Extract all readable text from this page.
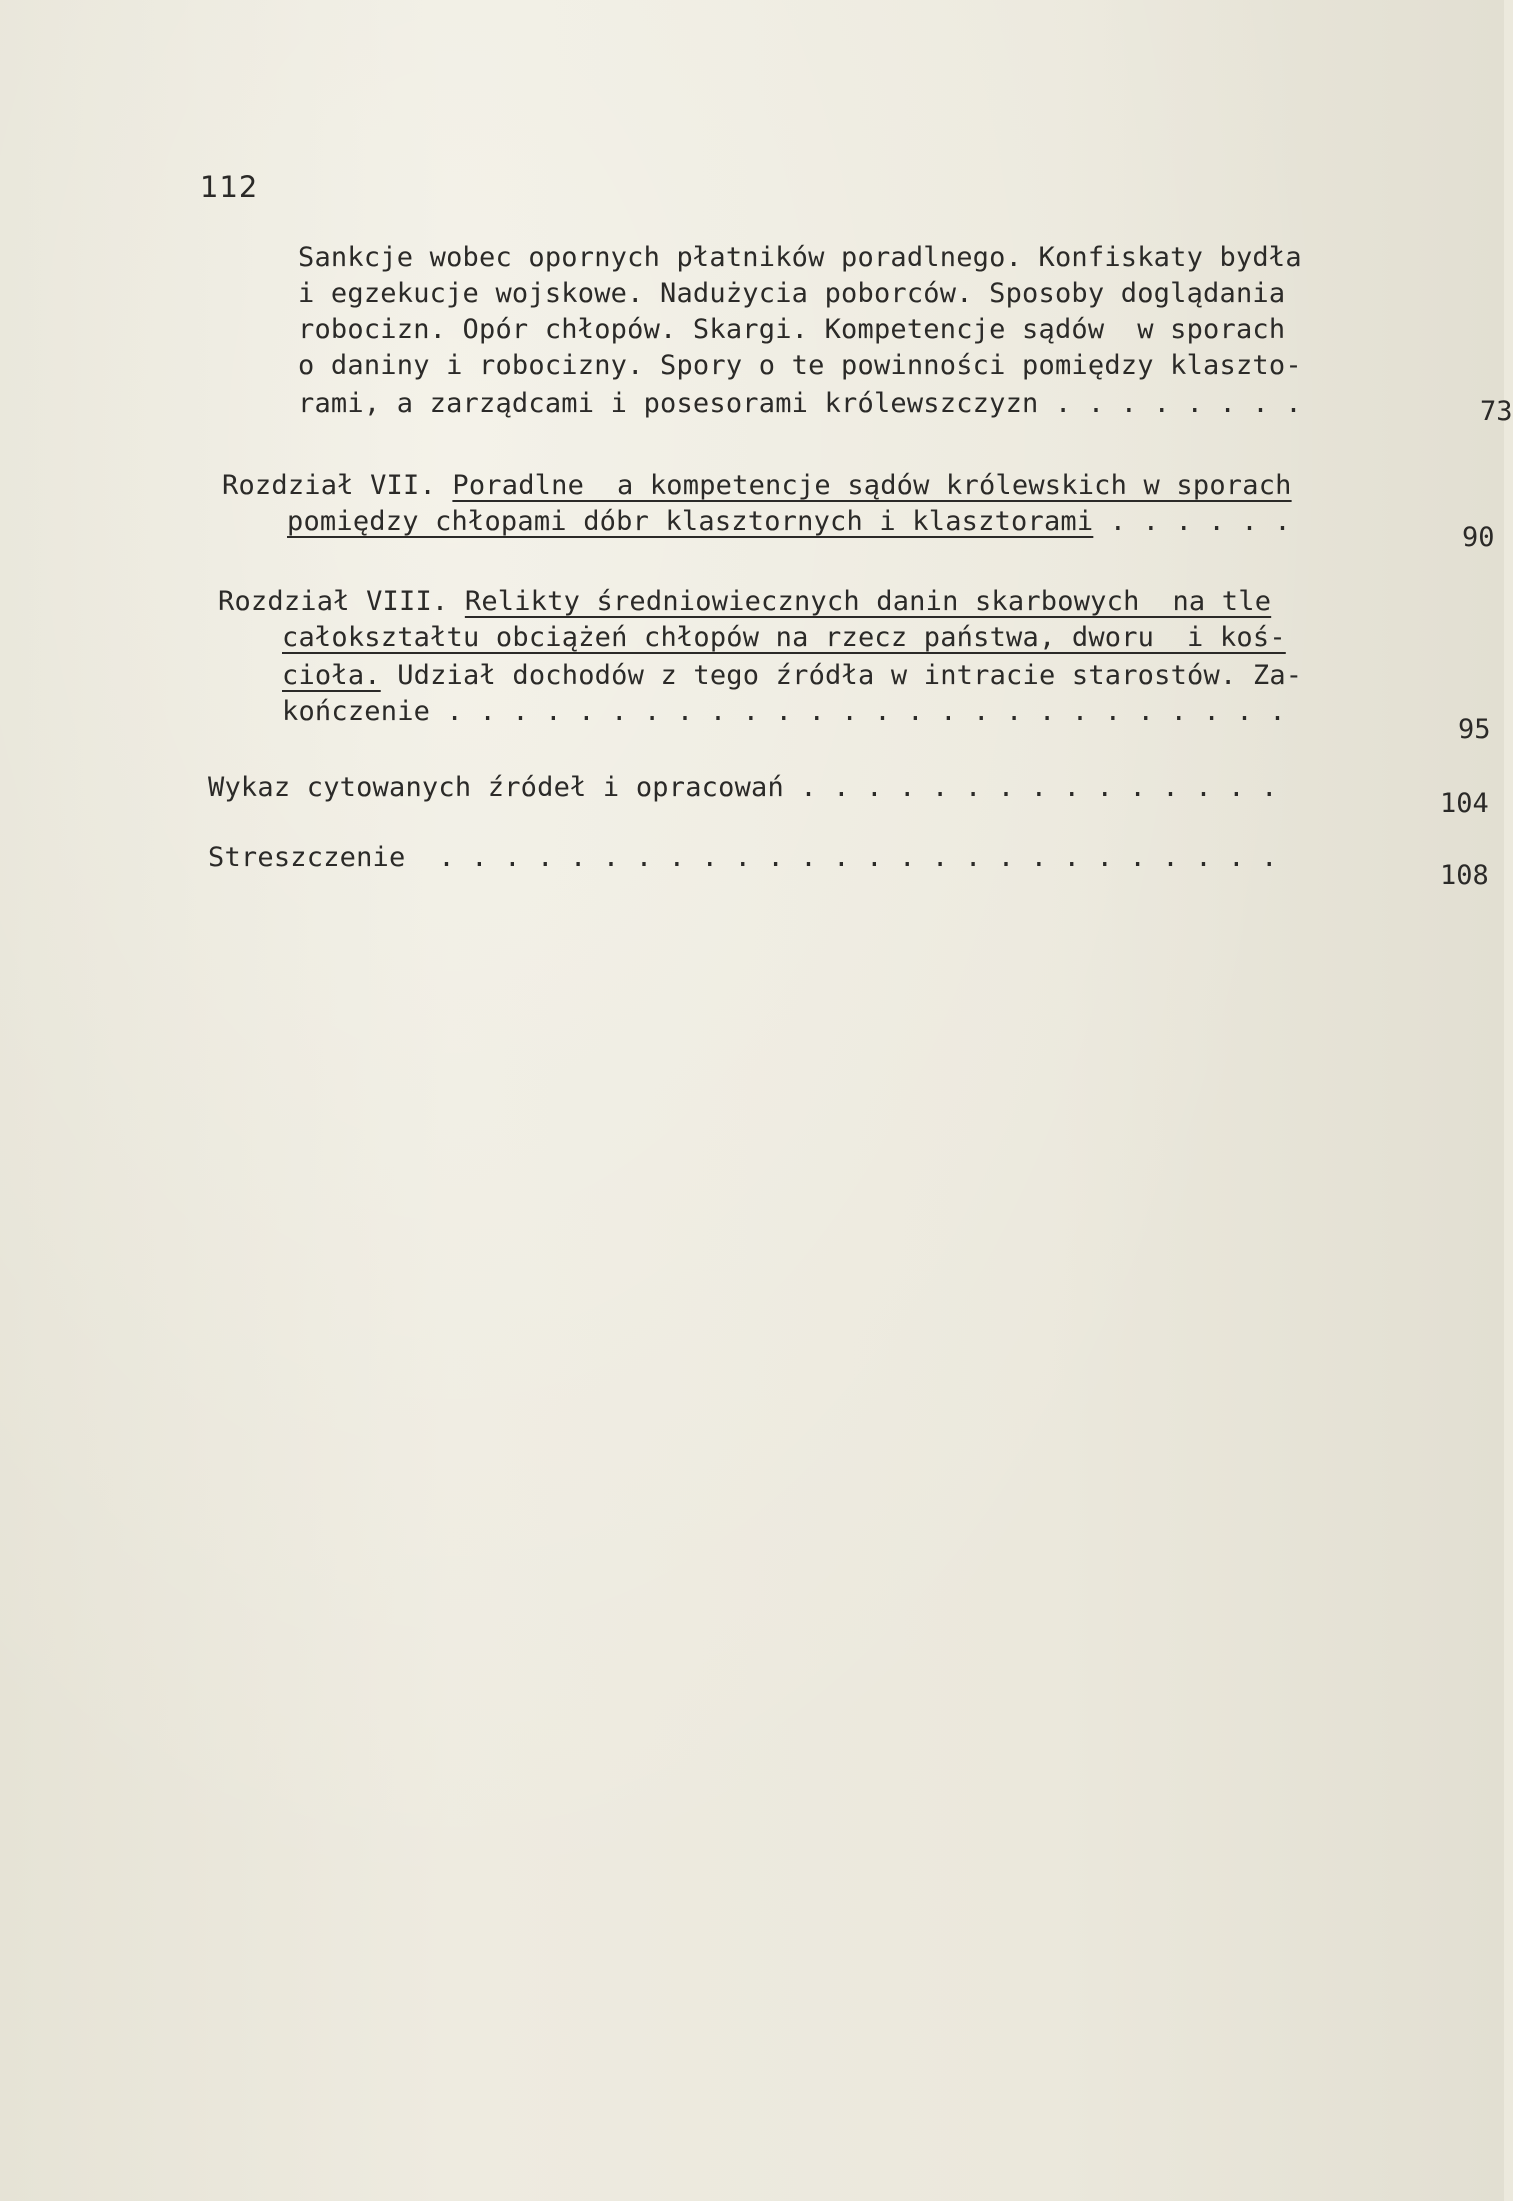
112
Sankcje wobec opornych płatników poradlnego. Konfiskaty bydła
i egzekucje wojskowe. Nadużycia poborców. Sposoby doglądania
robocizn. Opór chłopów. Skargi. Kompetencje sądów  w sporach
o daniny i robocizny. Spory o te powinności pomiędzy klaszto-
rami, a zarządcami i posesorami królewszczyzn . . . . . . . .	73
Rozdział VII. Poradlne  a kompetencje sądów królewskich w sporach
pomiędzy chłopami dóbr klasztornych i klasztorami . . . . . .
90
Rozdział VIII. Relikty średniowiecznych danin skarbowych  na tle
całokształtu obciążeń chłopów na rzecz państwa, dworu  i koś-
cioła. Udział dochodów z tego źródła w intracie starostów. Za-
kończenie . . . . . . . . . . . . . . . . . . . . . . . . . .
95
Wykaz cytowanych źródeł i opracowań . . . . . . . . . . . . . . .
104
Streszczenie  . . . . . . . . . . . . . . . . . . . . . . . . . .
108
